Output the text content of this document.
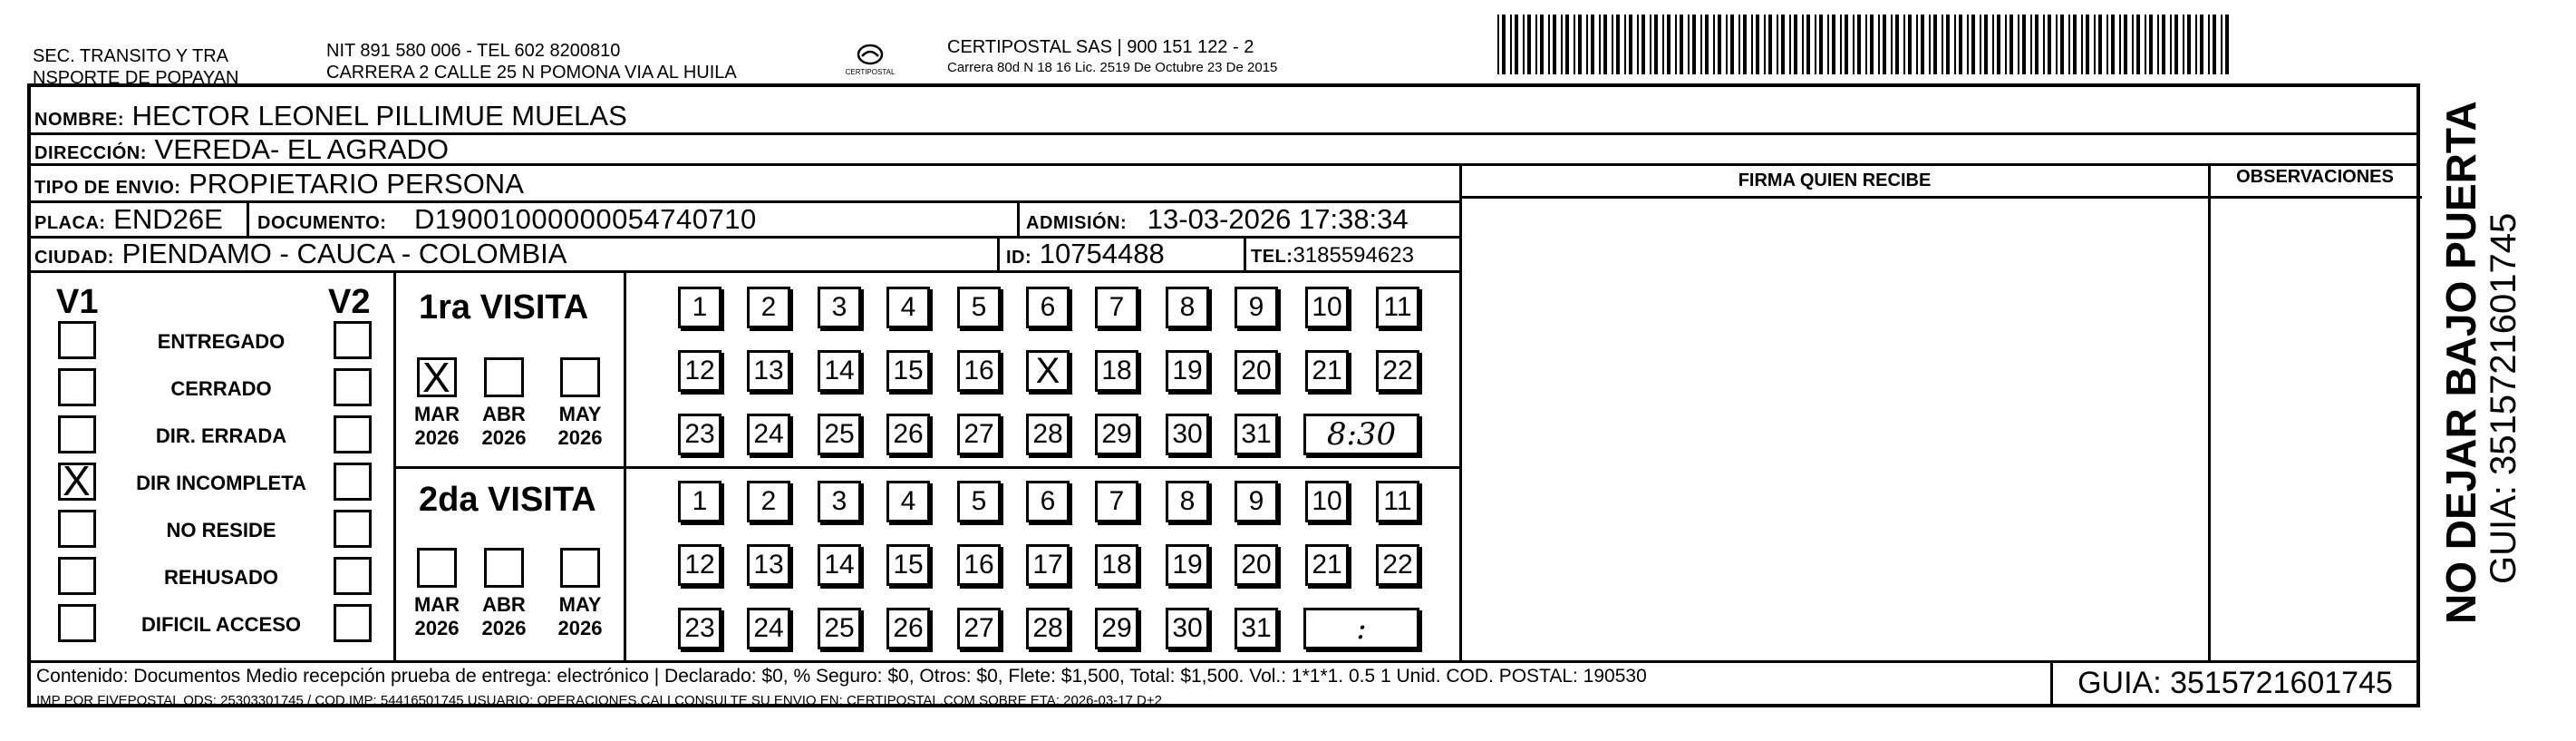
SEC. TRANSITO Y TRA
NSPORTE DE POPAYAN
NIT 891 580 006 - TEL 602 8200810
CARRERA 2 CALLE 25 N POMONA VIA AL HUILA	CERTIPOSTAL
CERTIPOSTAL SAS | 900 151 122 - 2
Carrera 80d N 18 16 Lic. 2519 De Octubre 23 De 2015
NOMBRE: HECTOR LEONEL PILLIMUE MUELAS
DIRECCIÓN: VEREDA- EL AGRADO
TIPO DE ENVIO: PROPIETARIO PERSONA
PLACA: END26E DOCUMENTO: D19001000000054740710	ADMISIÓN: 13-03-2026 17:38:34
CIUDAD: PIENDAMO - CAUCA - COLOMBIA	ID: 10754488	TEL:3185594623
FIRMA QUIEN RECIBE	OBSERVACIONES
V1	V2
ENTREGADO
CERRADO
DIR. ERRADA
X	DIR INCOMPLETA
NO RESIDE
REHUSADO
DIFICIL ACCESO
1ra VISITA
X
MAR
2026
ABR
2026
MAY
2026
1	2	3	4	5	6	7	8	9	10 11
12 13 14 15 16 X	18 19 20 21 22
23 24 25 26 27 28 29 30 31	8:30
2da VISITA
MAR
2026
ABR
2026
MAY
2026
1	2	3	4	5	6	7	8	9	10 11
12 13 14 15 16 17 18 19 20 21 22
23 24 25 26 27 28 29 30 31	:
Contenido: Documentos Medio recepción prueba de entrega: electrónico | Declarado: $0, % Seguro: $0, Otros: $0, Flete: $1,500, Total: $1,500. Vol.: 1*1*1. 0.5 1 Unid. COD. POSTAL: 190530
IMP POR FIVEPOSTAL ODS: 25303301745 / COD.IMP: 54416501745 USUARIO: OPERACIONES.CALI CONSULTE SU ENVIO EN: CERTIPOSTAL.COM SOBRE ETA: 2026-03-17 D+2
GUIA: 3515721601745
NO DEJAR BAJO PUERTA GUIA: 3515721601745
